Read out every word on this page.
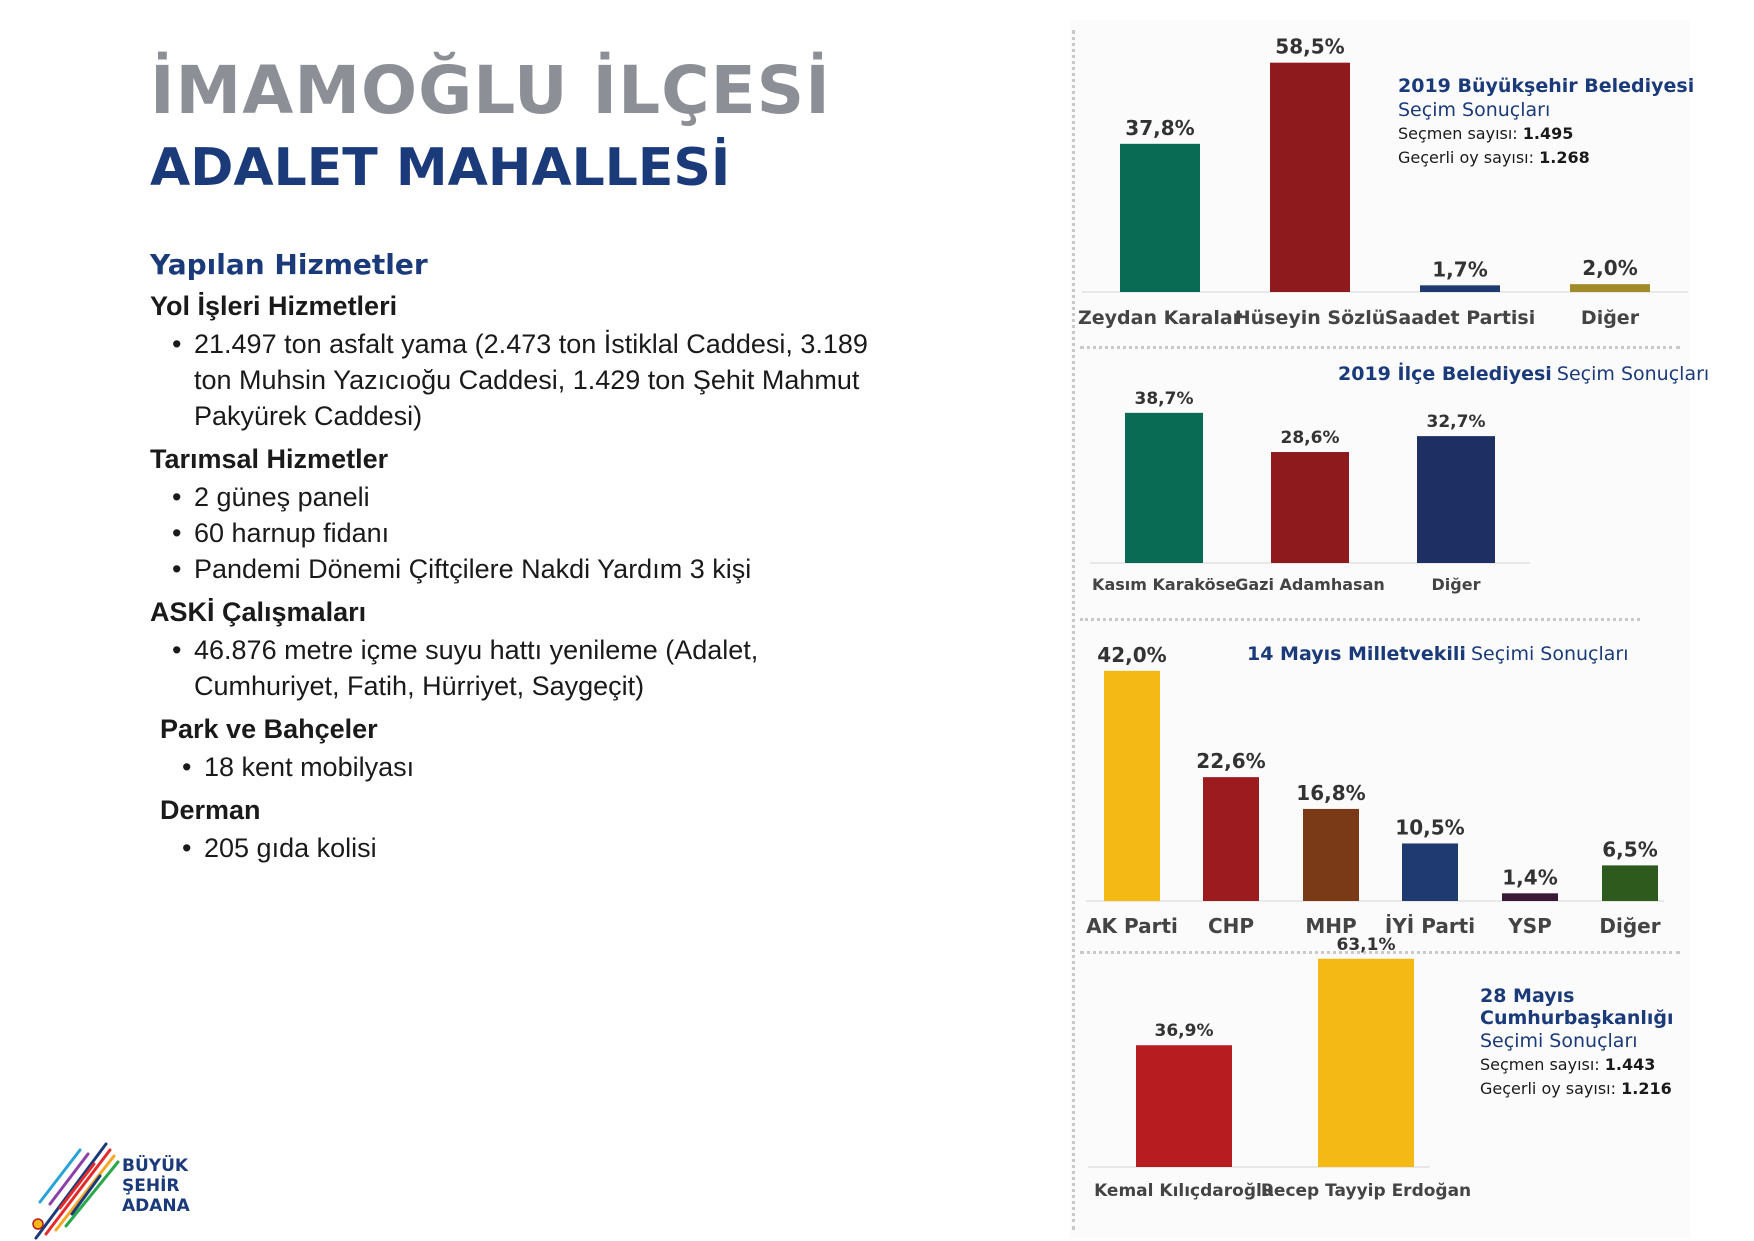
İMAMOĞLU İLÇESİ
ADALET MAHALLESİ
Yapılan Hizmetler
Yol İşleri Hizmetleri
• 21.497 ton asfalt yama (2.473 ton İstiklal Caddesi, 3.189 ton Muhsin Yazıcıoğu Caddesi, 1.429 ton Şehit Mahmut Pakyürek Caddesi)
Tarımsal Hizmetler
• 2 güneş paneli
• 60 harnup fidanı
• Pandemi Dönemi Çiftçilere Nakdi Yardım 3 kişi
ASKİ Çalışmaları
• 46.876 metre içme suyu hattı yenileme (Adalet, Cumhuriyet, Fatih, Hürriyet, Saygeçit)
Park ve Bahçeler
• 18 kent mobilyası
Derman
• 205 gıda kolisi
37,8%
Zeydan Karalar
58,5%
Hüseyin Sözlü
1,7%
Saadet Partisi
2,0%
Diğer
38,7%
Kasım Karaköse
28,6%
Gazi Adamhasan
32,7%
Diğer
42,0%
AK Parti
22,6%
CHP
16,8%
MHP
10,5%
İYİ Parti
1,4%
YSP
6,5%
Diğer
36,9%
Kemal Kılıçdaroğlu
63,1%
Recep Tayyip Erdoğan
2019 Büyükşehir Belediyesi
Seçim Sonuçları
Seçmen sayısı: 1.495
Geçerli oy sayısı: 1.268
2019 İlçe Belediyesi Seçim Sonuçları
14 Mayıs Milletvekili Seçimi Sonuçları
28 Mayıs Cumhurbaşkanlığı
Seçimi Sonuçları
Seçmen sayısı: 1.443
Geçerli oy sayısı: 1.216
BÜYÜK
ŞEHİR
ADANA
